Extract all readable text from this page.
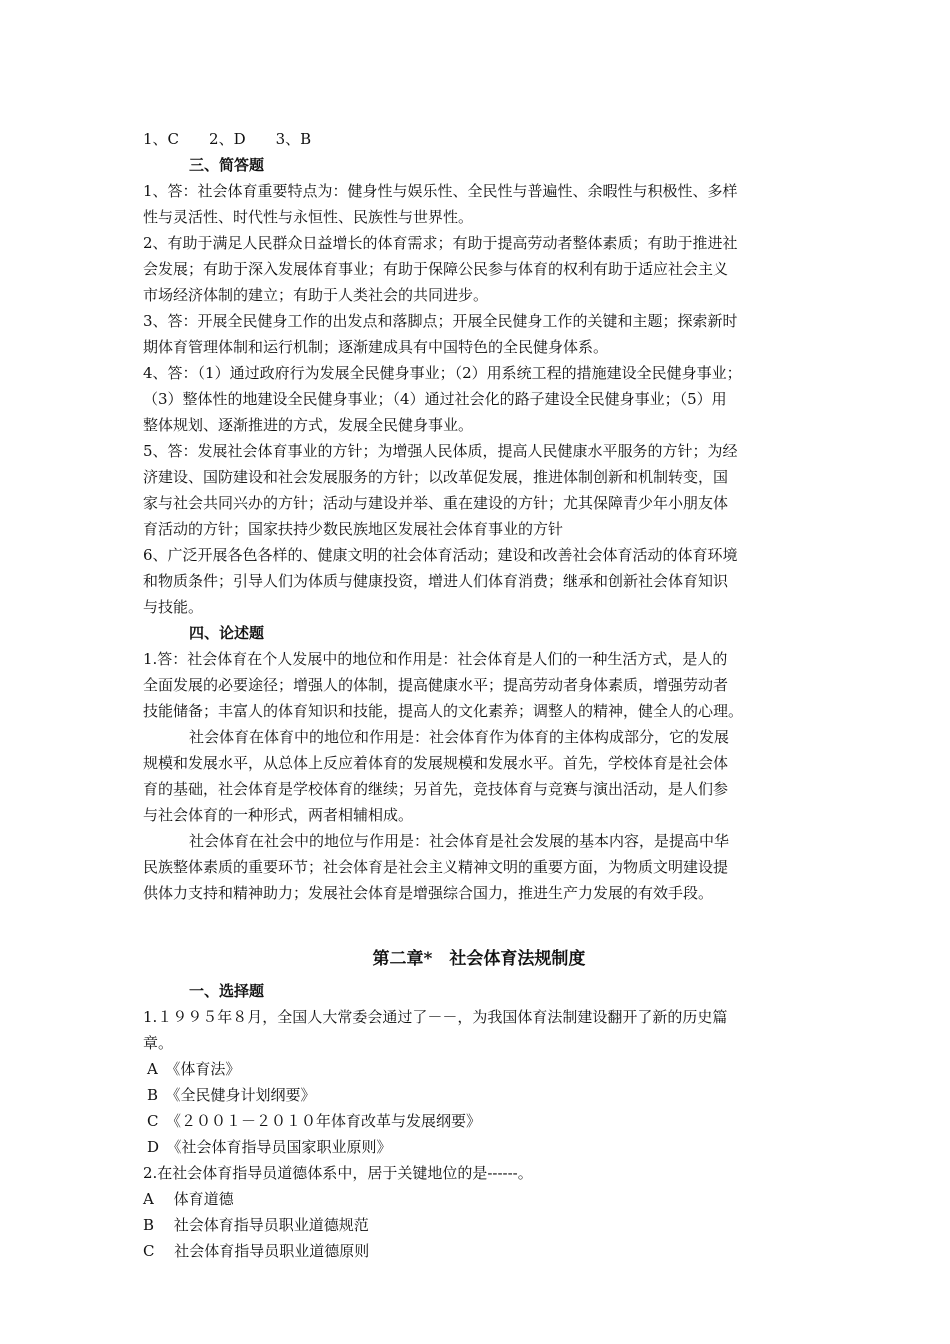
1、C　　2、D　　3、B
三、简答题
1、答：社会体育重要特点为：健身性与娱乐性、全民性与普遍性、余暇性与积极性、多样
性与灵活性、时代性与永恒性、民族性与世界性。
2、有助于满足人民群众日益增长的体育需求；有助于提高劳动者整体素质；有助于推进社
会发展；有助于深入发展体育事业；有助于保障公民参与体育的权利有助于适应社会主义
市场经济体制的建立；有助于人类社会的共同进步。
3、答：开展全民健身工作的出发点和落脚点；开展全民健身工作的关键和主题；探索新时
期体育管理体制和运行机制；逐渐建成具有中国特色的全民健身体系。
4、答：（1）通过政府行为发展全民健身事业；（2）用系统工程的措施建设全民健身事业；
（3）整体性的地建设全民健身事业；（4）通过社会化的路子建设全民健身事业；（5）用
整体规划、逐渐推进的方式，发展全民健身事业。
5、答：发展社会体育事业的方针；为增强人民体质，提高人民健康水平服务的方针；为经
济建设、国防建设和社会发展服务的方针；以改革促发展，推进体制创新和机制转变，国
家与社会共同兴办的方针；活动与建设并举、重在建设的方针；尤其保障青少年小朋友体
育活动的方针；国家扶持少数民族地区发展社会体育事业的方针
6、广泛开展各色各样的、健康文明的社会体育活动；建设和改善社会体育活动的体育环境
和物质条件；引导人们为体质与健康投资，增进人们体育消费；继承和创新社会体育知识
与技能。
四、论述题
1.答：社会体育在个人发展中的地位和作用是：社会体育是人们的一种生活方式，是人的
全面发展的必要途径；增强人的体制，提高健康水平；提高劳动者身体素质，增强劳动者
技能储备；丰富人的体育知识和技能，提高人的文化素养；调整人的精神，健全人的心理。
社会体育在体育中的地位和作用是：社会体育作为体育的主体构成部分，它的发展
规模和发展水平，从总体上反应着体育的发展规模和发展水平。首先，学校体育是社会体
育的基础，社会体育是学校体育的继续；另首先，竞技体育与竞赛与演出活动，是人们参
与社会体育的一种形式，两者相辅相成。
社会体育在社会中的地位与作用是：社会体育是社会发展的基本内容，是提高中华
民族整体素质的重要环节；社会体育是社会主义精神文明的重要方面，为物质文明建设提
供体力支持和精神助力；发展社会体育是增强综合国力，推进生产力发展的有效手段。
第二章*　社会体育法规制度
一、选择题
1.１９９５年８月，全国人大常委会通过了－－，为我国体育法制建设翻开了新的历史篇
章。
A　《体育法》
B　《全民健身计划纲要》
C　《２００１－２０１０年体育改革与发展纲要》
D　《社会体育指导员国家职业原则》
2.在社会体育指导员道德体系中，居于关键地位的是------。
A　 体育道德
B　 社会体育指导员职业道德规范
C　 社会体育指导员职业道德原则
